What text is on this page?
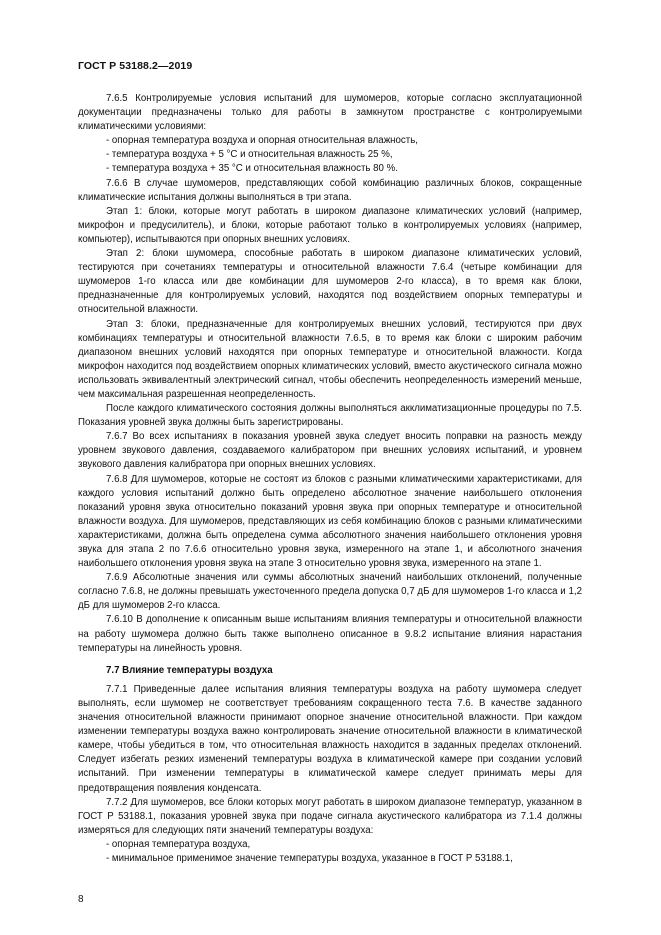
ГОСТ Р 53188.2—2019

7.6.5 Контролируемые условия испытаний для шумомеров, которые согласно эксплуатационной документации предназначены только для работы в замкнутом пространстве с контролируемыми климатическими условиями:

- опорная температура воздуха и опорная относительная влажность,

- температура воздуха + 5 °С и относительная влажность 25 %,

- температура воздуха + 35 °С и относительная влажность 80 %.

7.6.6 В случае шумомеров, представляющих собой комбинацию различных блоков, сокращенные климатические испытания должны выполняться в три этапа.

Этап 1: блоки, которые могут работать в широком диапазоне климатических условий (например, микрофон и предусилитель), и блоки, которые работают только в контролируемых условиях (например, компьютер), испытываются при опорных внешних условиях.

Этап 2: блоки шумомера, способные работать в широком диапазоне климатических условий, тестируются при сочетаниях температуры и относительной влажности 7.6.4 (четыре комбинации для шумомеров 1-го класса или две комбинации для шумомеров 2-го класса), в то время как блоки, предназначенные для контролируемых условий, находятся под воздействием опорных температуры и относительной влажности.

Этап 3: блоки, предназначенные для контролируемых внешних условий, тестируются при двух комбинациях температуры и относительной влажности 7.6.5, в то время как блоки с широким рабочим диапазоном внешних условий находятся при опорных температуре и относительной влажности. Когда микрофон находится под воздействием опорных климатических условий, вместо акустического сигнала можно использовать эквивалентный электрический сигнал, чтобы обеспечить неопределенность измерений меньше, чем максимальная разрешенная неопределенность.

После каждого климатического состояния должны выполняться акклиматизационные процедуры по 7.5. Показания уровней звука должны быть зарегистрированы.

7.6.7 Во всех испытаниях в показания уровней звука следует вносить поправки на разность между уровнем звукового давления, создаваемого калибратором при внешних условиях испытаний, и уровнем звукового давления калибратора при опорных внешних условиях.

7.6.8 Для шумомеров, которые не состоят из блоков с разными климатическими характеристиками, для каждого условия испытаний должно быть определено абсолютное значение наибольшего отклонения показаний уровня звука относительно показаний уровня звука при опорных температуре и относительной влажности воздуха. Для шумомеров, представляющих из себя комбинацию блоков с разными климатическими характеристиками, должна быть определена сумма абсолютного значения наибольшего отклонения уровня звука для этапа 2 по 7.6.6 относительно уровня звука, измеренного на этапе 1, и абсолютного значения наибольшего отклонения уровня звука на этапе 3 относительно уровня звука, измеренного на этапе 1.

7.6.9 Абсолютные значения или суммы абсолютных значений наибольших отклонений, полученные согласно 7.6.8, не должны превышать ужесточенного предела допуска 0,7 дБ для шумомеров 1-го класса и 1,2 дБ для шумомеров 2-го класса.

7.6.10 В дополнение к описанным выше испытаниям влияния температуры и относительной влажности на работу шумомера должно быть также выполнено описанное в 9.8.2 испытание влияния нарастания температуры на линейность уровня.

7.7 Влияние температуры воздуха

7.7.1 Приведенные далее испытания влияния температуры воздуха на работу шумомера следует выполнять, если шумомер не соответствует требованиям сокращенного теста 7.6. В качестве заданного значения относительной влажности принимают опорное значение относительной влажности. При каждом изменении температуры воздуха важно контролировать значение относительной влажности в климатической камере, чтобы убедиться в том, что относительная влажность находится в заданных пределах отклонений. Следует избегать резких изменений температуры воздуха в климатической камере при создании условий испытаний. При изменении температуры в климатической камере следует принимать меры для предотвращения появления конденсата.

7.7.2 Для шумомеров, все блоки которых могут работать в широком диапазоне температур, указанном в ГОСТ Р 53188.1, показания уровней звука при подаче сигнала акустического калибратора из 7.1.4 должны измеряться для следующих пяти значений температуры воздуха:

- опорная температура воздуха,

- минимальное применимое значение температуры воздуха, указанное в ГОСТ Р 53188.1,

8
